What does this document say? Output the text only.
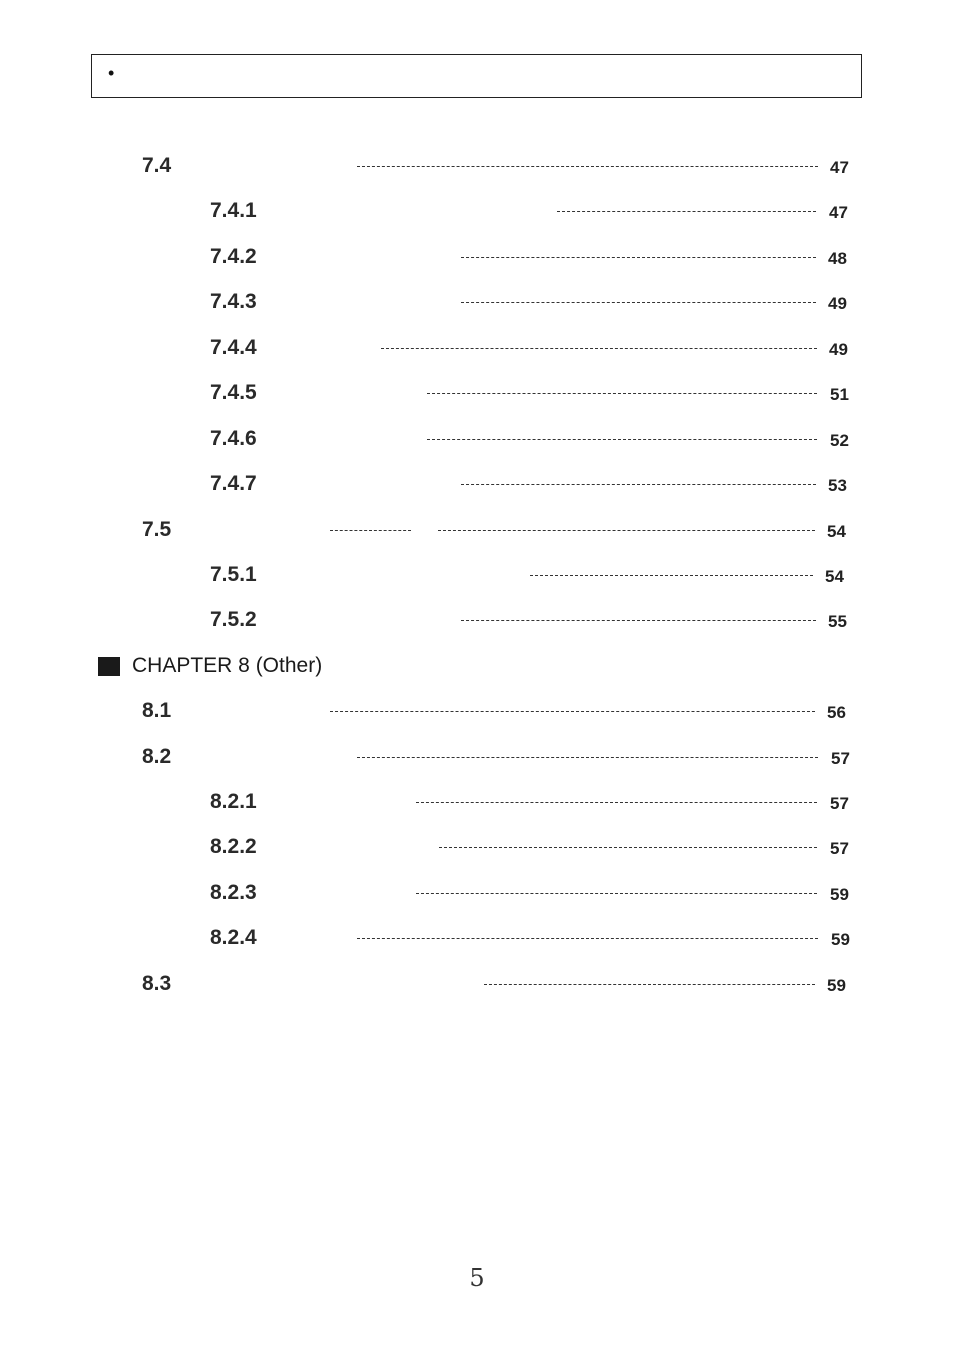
•
7.4	47
7.4.1	47
7.4.2	48
7.4.3	49
7.4.4	49
7.4.5	51
7.4.6	52
7.4.7	53
7.5	54
7.5.1	54
7.5.2	55
CHAPTER 8 (Other)
8.1	56
8.2	57
8.2.1	57
8.2.2	57
8.2.3	59
8.2.4	59
8.3	59
5
